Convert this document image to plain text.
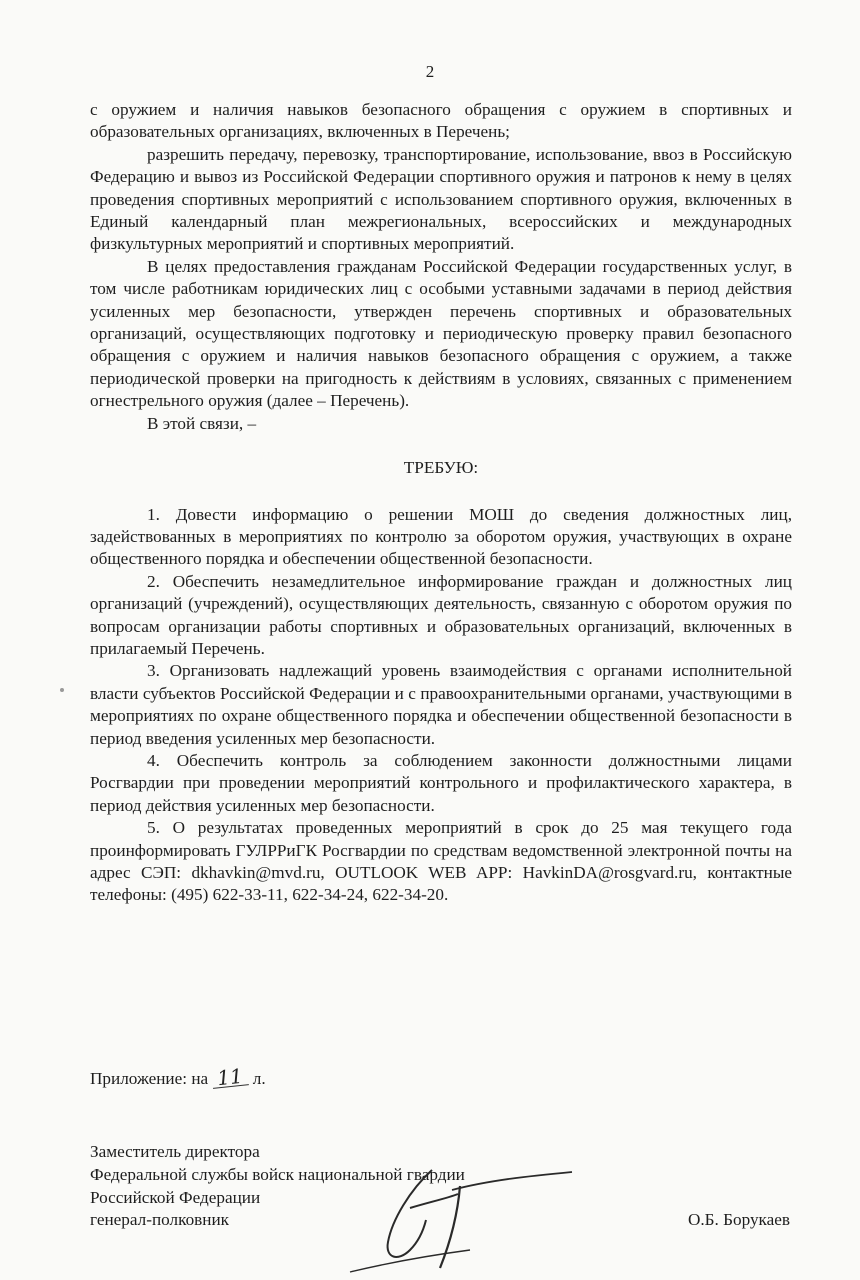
2

с оружием и наличия навыков безопасного обращения с оружием в спортивных и образовательных организациях, включенных в Перечень;

разрешить передачу, перевозку, транспортирование, использование, ввоз в Российскую Федерацию и вывоз из Российской Федерации спортивного оружия и патронов к нему в целях проведения спортивных мероприятий с использованием спортивного оружия, включенных в Единый календарный план межрегиональных, всероссийских и международных физкультурных мероприятий и спортивных мероприятий.

В целях предоставления гражданам Российской Федерации государственных услуг, в том числе работникам юридических лиц с особыми уставными задачами в период действия усиленных мер безопасности, утвержден перечень спортивных и образовательных организаций, осуществляющих подготовку и периодическую проверку правил безопасного обращения с оружием и наличия навыков безопасного обращения с оружием, а также периодической проверки на пригодность к действиям в условиях, связанных с применением огнестрельного оружия (далее – Перечень).

В этой связи, –

ТРЕБУЮ:

1. Довести информацию о решении МОШ до сведения должностных лиц, задействованных в мероприятиях по контролю за оборотом оружия, участвующих в охране общественного порядка и обеспечении общественной безопасности.

2. Обеспечить незамедлительное информирование граждан и должностных лиц организаций (учреждений), осуществляющих деятельность, связанную с оборотом оружия по вопросам организации работы спортивных и образовательных организаций, включенных в прилагаемый Перечень.

3. Организовать надлежащий уровень взаимодействия с органами исполнительной власти субъектов Российской Федерации и с правоохранительными органами, участвующими в мероприятиях по охране общественного порядка и обеспечении общественной безопасности в период введения усиленных мер безопасности.

4. Обеспечить контроль за соблюдением законности должностными лицами Росгвардии при проведении мероприятий контрольного и профилактического характера, в период действия усиленных мер безопасности.

5. О результатах проведенных мероприятий в срок до 25 мая текущего года проинформировать ГУЛРРиГК Росгвардии по средствам ведомственной электронной почты на адрес СЭП: dkhavkin@mvd.ru, OUTLOOK WEB APP: HavkinDA@rosgvard.ru, контактные телефоны: (495) 622-33-11, 622-34-24, 622-34-20.

Приложение: на 11 л.
Заместитель директора
Федеральной службы войск национальной гвардии
Российской Федерации
генерал-полковник	О.Б. Борукаев
